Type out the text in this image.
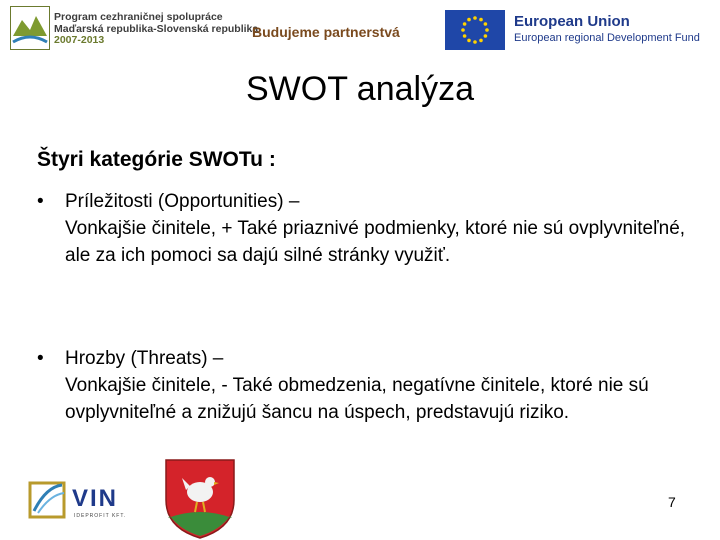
Program cezhraničnej spolupráce
Maďarská republika-Slovenská republika
2007-2013	Budujeme partnerstvá
European Union
European regional Development Fund
SWOT analýza
Štyri kategórie SWOTu :
•	Príležitosti (Opportunities) –
Vonkajšie činitele, + Také priaznivé podmienky, ktoré nie sú ovplyvniteľné, ale za ich pomoci sa dajú silné stránky využiť.
•	Hrozby (Threats) –
Vonkajšie činitele, - Také obmedzenia, negatívne činitele, ktoré nie sú ovplyvniteľné a znižujú šancu na úspech, predstavujú riziko.
VIN
IDEPROFIT KFT.
7
